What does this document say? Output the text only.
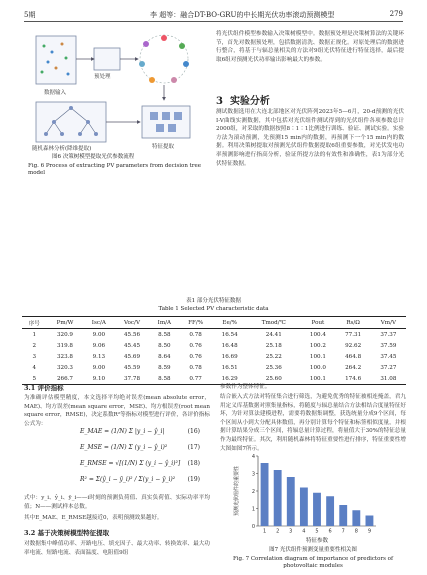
5期	李 超等：融合DT-BO-GRU的中长期光伏功率滚动预测模型	279
数据输入
预处理
随机森林分析(降维提取)	特征提取
图6 决策树模型提取光伏参数流程
Fig. 6 Process of extracting PV parameters from decision tree model
将光伏组件模型参数输入决策树模型中。数据预处理是决策树算法的关键环节，首先对数据预处理，包括数据清洗、数据正规化。对原处理后的数据进行整合，将基于与辐总量相关的方法对9组光伏特征进行特征选择，最后提取6组对预测光伏功率输出影响最大的参数。
3 实验分析
测试数据选用在大连北部地区对光伏阵列2023年5—6月，20-d预测的光伏I-V曲线实测数据，其中包括对光伏组件测试得到的光伏组件各项参数总计2000组，对采取的数据按照8∶1∶1比例进行训练、验证、测试实验。实验方法为滚动预测，先预测15 min内的数据，再预测下一个15 min内的数据。利用决策树提取对预测光伏组件数据提取6组重要参数，对光伏发电功率预测影响进行指高分析，验证所提方法的有效性和准确性，表1为部分光伏特征数据。
表1 部分光伏特征数据
Table 1 Selected PV characteristic data
序号	Pm/W	Isc/A	Voc/V	Im/A	FF/%	Ee/%	Tmod/℃	Pout	Rs/Ω	Vm/V
1	320.9	9.00	45.56	8.58	0.78	16.54	24.41	100.4	77.31	37.37
2	319.8	9.06	45.45	8.50	0.76	16.48	25.18	100.2	92.62	37.59
3	323.8	9.13	45.69	8.64	0.76	16.69	25.22	100.1	464.8	37.45
4	320.3	9.00	45.59	8.59	0.78	16.51	25.36	100.0	264.2	37.27
5	266.7	9.10	37.78	8.58	0.77	16.29	25.60	100.1	174.6	31.08
3.1 评价指标
为准确评估模型精度，本文选择平均绝对误差(mean absolute error，MAE)、均方误差(mean square error，MSE)、均方根误差(root mean square error，RMSE)，决定系数R²等指标对模型进行评价，各评价指标公式为：
E_MAE = (1/N) Σ |y_i − ŷ_i|	(16)
E_MSE = (1/N) Σ (y_i − ŷ_i)²	(17)
E_RMSE = √[(1/N) Σ (y_i − ŷ_i)²] (18)
R² = Σ(ŷ_i − ȳ_i)² / Σ(y_i − ȳ_i)² (19)
式中：y_i、ŷ_i、ȳ_i——i时刻的预测负荷值、真实负荷值、实际功率平均值；N——测试样本总数。
其中E_MAE、E_RMSE越接近0，表明预测效果越好。
3.2 基于决策树模型特征提取
对数据集中峰值功率、开路电压、填充因子、最大功率、转换效率、最大功率电流、短路电流、表面温度、电阻值9组
参数作为整体特征。
结合嵌入式方法对特征集合进行筛选，为避免优秀的特征被相连掩盖，君九用定义库基数据对照集量指标，将随度与辐总量结合方法相结合度量特征好坏，为针对算法建模进程，需要将数据集调整，获选统量分成9个区间，每个区间从小到大分配具体数值，再分别计算每个特征和标签相似度量，并根据计算结果分成三个区间，将辐总量计算过程，将量值大于30%的特征总量作为最终特征。其次，利用随机森林将特征重要性进行排序，特征重要性增大图如图7所示。
0
1
2
3
4
1 2 3 4 5 6 7 8 9
特征参数
预测光伏组件的重要性
图7 光伏组件预测变量重要性相关图
Fig. 7 Correlation diagram of importance of predictors of photovoltaic modules
